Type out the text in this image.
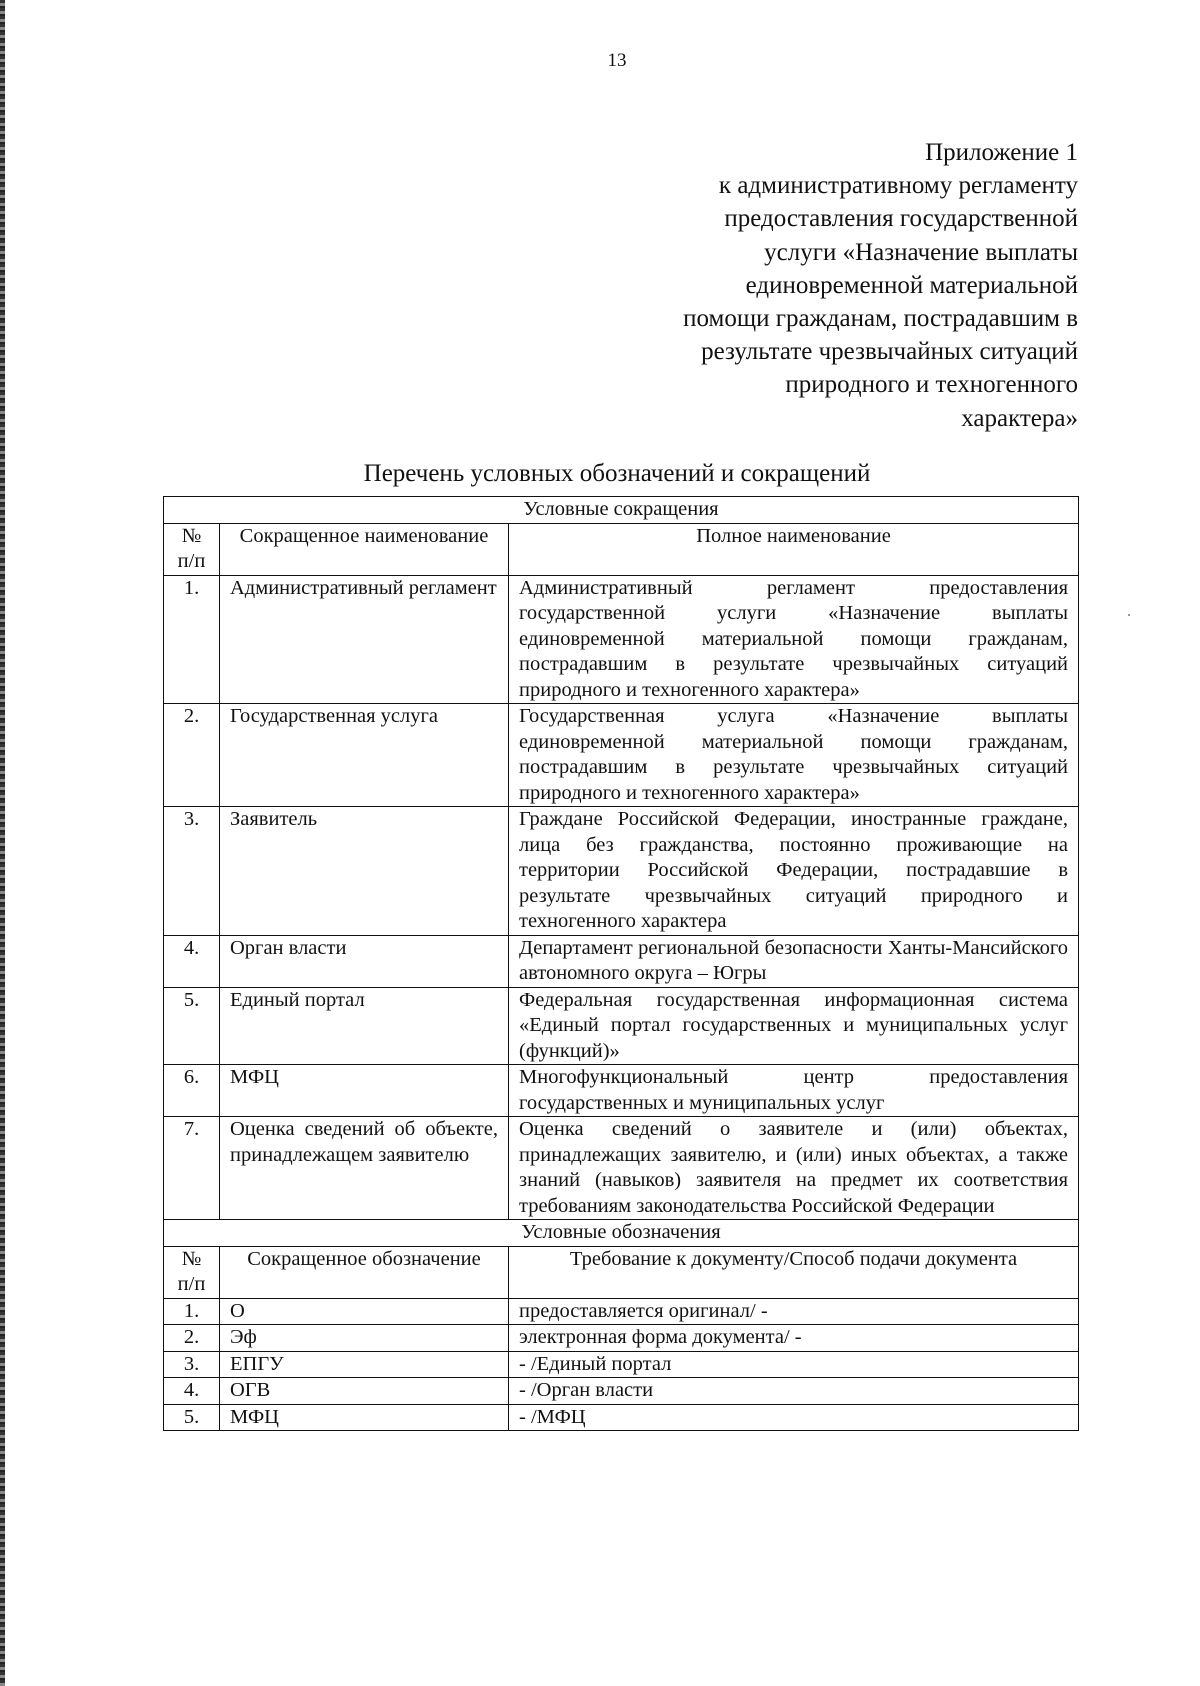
13
Приложение 1
к административному регламенту
предоставления государственной
услуги «Назначение выплаты
единовременной материальной
помощи гражданам, пострадавшим в
результате чрезвычайных ситуаций
природного и техногенного
характера»
Перечень условных обозначений и сокращений
Условные сокращения		
№ п/п	Сокращенное наименование	Полное наименование
1.	Административный регламент	Административный регламент предоставления государственной услуги «Назначение выплаты единовременной материальной помощи гражданам, пострадавшим в результате чрезвычайных ситуаций природного и техногенного характера»
2.	Государственная услуга	Государственная услуга «Назначение выплаты единовременной материальной помощи гражданам, пострадавшим в результате чрезвычайных ситуаций природного и техногенного характера»
3.	Заявитель	Граждане Российской Федерации, иностранные граждане, лица без гражданства, постоянно проживающие на территории Российской Федерации, пострадавшие в результате чрезвычайных ситуаций природного и техногенного характера
4.	Орган власти	Департамент региональной безопасности Ханты-Мансийского автономного округа – Югры
5.	Единый портал	Федеральная государственная информационная система «Единый портал государственных и муниципальных услуг (функций)»
6.	МФЦ	Многофункциональный центр предоставления государственных и муниципальных услуг
7.	Оценка сведений об объекте, принадлежащем заявителю	Оценка сведений о заявителе и (или) объектах, принадлежащих заявителю, и (или) иных объектах, а также знаний (навыков) заявителя на предмет их соответствия требованиям законодательства Российской Федерации
Условные обозначения		
№ п/п	Сокращенное обозначение	Требование к документу/Способ подачи документа
1.	О	предоставляется оригинал/ -
2.	Эф	электронная форма документа/ -
3.	ЕПГУ	- /Единый портал
4.	ОГВ	- /Орган власти
5.	МФЦ	- /МФЦ
